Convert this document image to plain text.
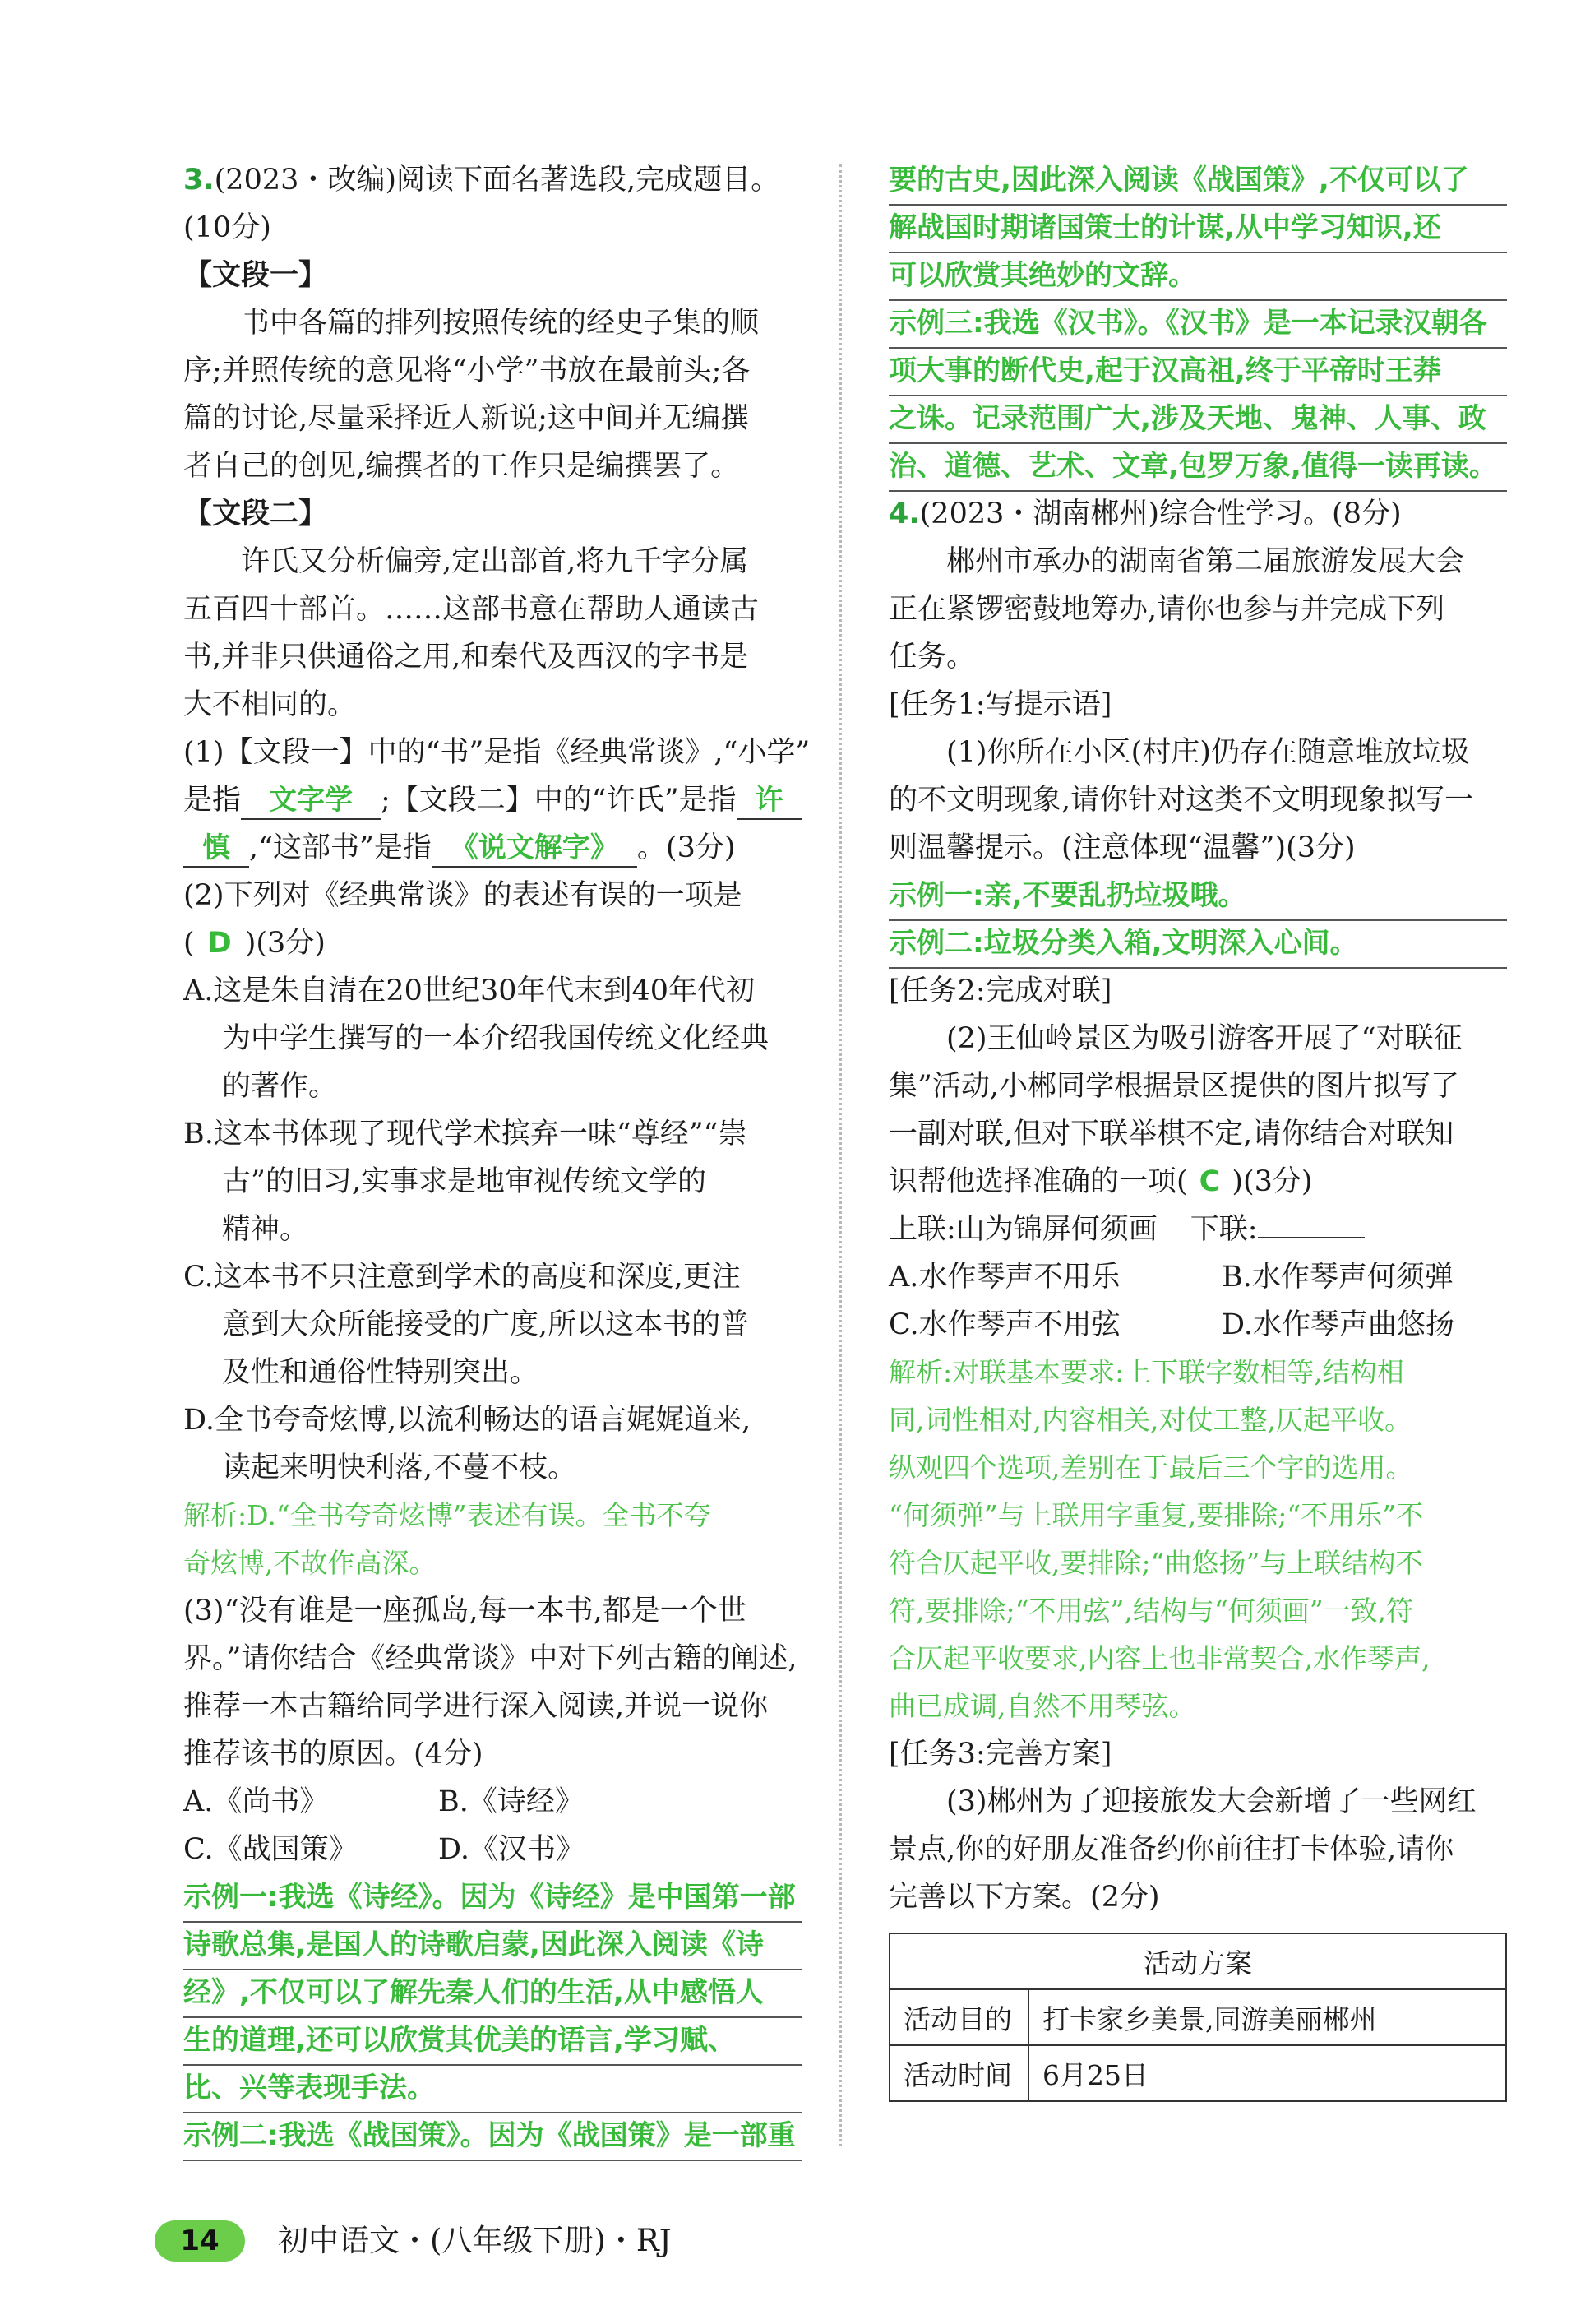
3.(2023・改编)阅读下面名著选段,完成题目。
(10分)
【文段一】
书中各篇的排列按照传统的经史子集的顺
序;并照传统的意见将“小学”书放在最前头;各
篇的讨论,尽量采择近人新说;这中间并无编撰
者自己的创见,编撰者的工作只是编撰罢了。
【文段二】
许氏又分析偏旁,定出部首,将九千字分属
五百四十部首。……这部书意在帮助人通读古
书,并非只供通俗之用,和秦代及西汉的字书是
大不相同的。
(1)【文段一】中的“书”是指《经典常谈》,“小学”
是指 文字学 ;【文段二】中的“许氏”是指 许
慎 ,“这部书”是指 《说文解字》 。(3分)
(2)下列对《经典常谈》的表述有误的一项是
( D )(3分)
A.这是朱自清在20世纪30年代末到40年代初
为中学生撰写的一本介绍我国传统文化经典
的著作。
B.这本书体现了现代学术摈弃一味“尊经”“崇
古”的旧习,实事求是地审视传统文学的
精神。
C.这本书不只注意到学术的高度和深度,更注
意到大众所能接受的广度,所以这本书的普
及性和通俗性特别突出。
D.全书夸奇炫博,以流利畅达的语言娓娓道来,
读起来明快利落,不蔓不枝。
解析:D.“全书夸奇炫博”表述有误。全书不夸
奇炫博,不故作高深。
(3)“没有谁是一座孤岛,每一本书,都是一个世
界。”请你结合《经典常谈》中对下列古籍的阐述,
推荐一本古籍给同学进行深入阅读,并说一说你
推荐该书的原因。(4分)
A.《尚书》	B.《诗经》
C.《战国策》	D.《汉书》
示例一:我选《诗经》。因为《诗经》是中国第一部
诗歌总集,是国人的诗歌启蒙,因此深入阅读《诗
经》,不仅可以了解先秦人们的生活,从中感悟人
生的道理,还可以欣赏其优美的语言,学习赋、
比、兴等表现手法。
示例二:我选《战国策》。因为《战国策》是一部重
要的古史,因此深入阅读《战国策》,不仅可以了
解战国时期诸国策士的计谋,从中学习知识,还
可以欣赏其绝妙的文辞。
示例三:我选《汉书》。《汉书》是一本记录汉朝各
项大事的断代史,起于汉高祖,终于平帝时王莽
之诛。记录范围广大,涉及天地、鬼神、人事、政
治、道德、艺术、文章,包罗万象,值得一读再读。
4.(2023・湖南郴州)综合性学习。(8分)
郴州市承办的湖南省第二届旅游发展大会
正在紧锣密鼓地筹办,请你也参与并完成下列
任务。
[任务1:写提示语]
(1)你所在小区(村庄)仍存在随意堆放垃圾
的不文明现象,请你针对这类不文明现象拟写一
则温馨提示。(注意体现“温馨”)(3分)
示例一:亲,不要乱扔垃圾哦。
示例二:垃圾分类入箱,文明深入心间。
[任务2:完成对联]
(2)王仙岭景区为吸引游客开展了“对联征
集”活动,小郴同学根据景区提供的图片拟写了
一副对联,但对下联举棋不定,请你结合对联知
识帮他选择准确的一项( C )(3分)
上联:山为锦屏何须画 下联:
A.水作琴声不用乐	B.水作琴声何须弹
C.水作琴声不用弦	D.水作琴声曲悠扬
解析:对联基本要求:上下联字数相等,结构相
同,词性相对,内容相关,对仗工整,仄起平收。
纵观四个选项,差别在于最后三个字的选用。
“何须弹”与上联用字重复,要排除;“不用乐”不
符合仄起平收,要排除;“曲悠扬”与上联结构不
符,要排除;“不用弦”,结构与“何须画”一致,符
合仄起平收要求,内容上也非常契合,水作琴声,
曲已成调,自然不用琴弦。
[任务3:完善方案]
(3)郴州为了迎接旅发大会新增了一些网红
景点,你的好朋友准备约你前往打卡体验,请你
完善以下方案。(2分)
活动方案	
活动目的	打卡家乡美景,同游美丽郴州
活动时间	6月25日
14	初中语文・(八年级下册)・RJ
